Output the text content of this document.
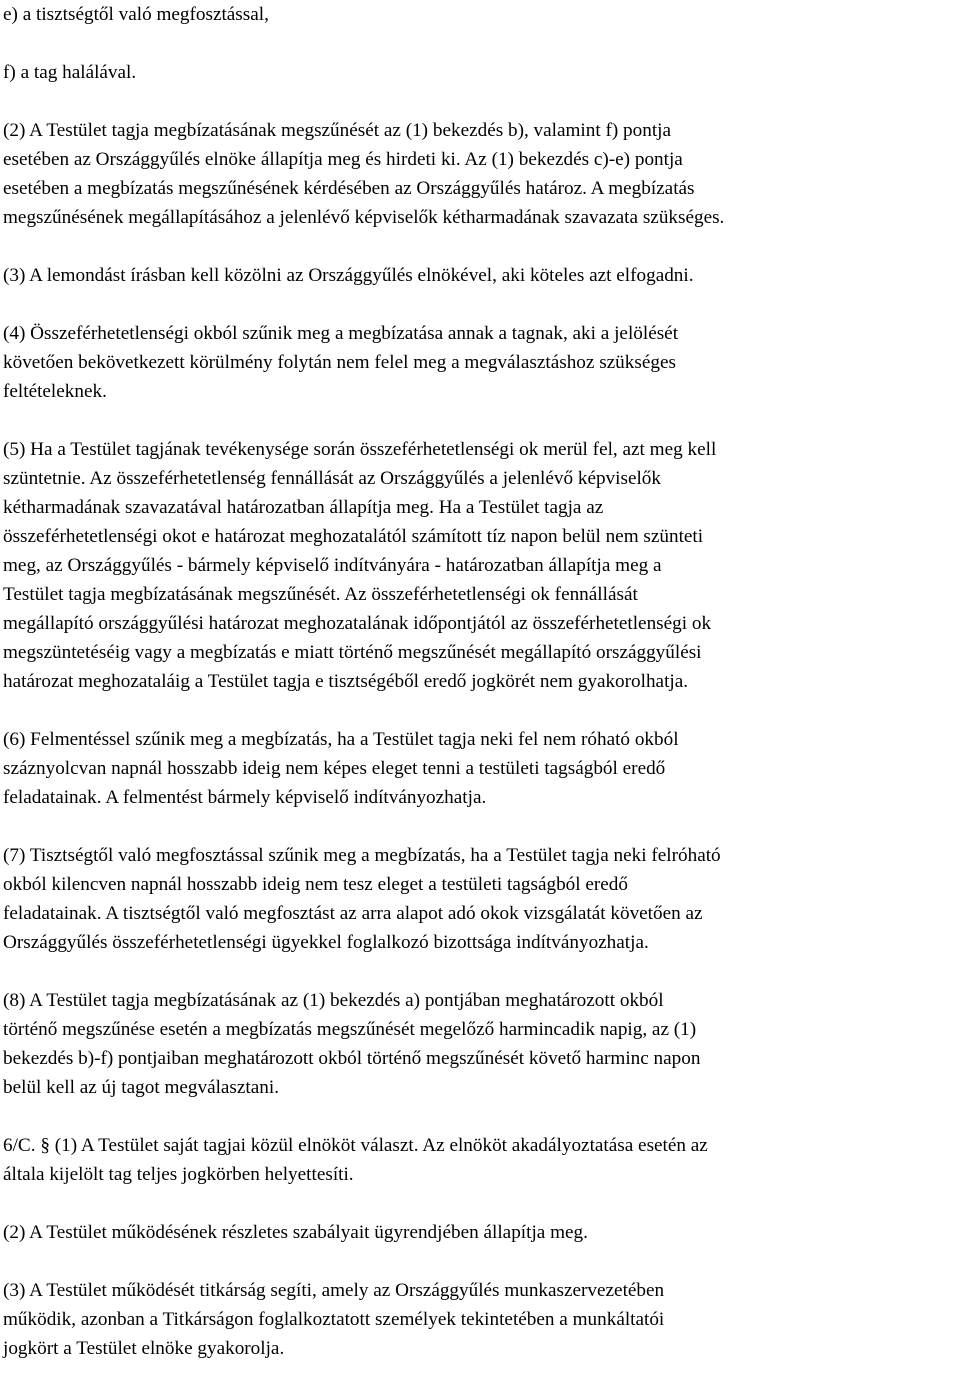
e) a tisztségtől való megfosztással,

f) a tag halálával.

(2) A Testület tagja megbízatásának megszűnését az (1) bekezdés b), valamint f) pontja
esetében az Országgyűlés elnöke állapítja meg és hirdeti ki. Az (1) bekezdés c)-e) pontja
esetében a megbízatás megszűnésének kérdésében az Országgyűlés határoz. A megbízatás
megszűnésének megállapításához a jelenlévő képviselők kétharmadának szavazata szükséges.

(3) A lemondást írásban kell közölni az Országgyűlés elnökével, aki köteles azt elfogadni.

(4) Összeférhetetlenségi okból szűnik meg a megbízatása annak a tagnak, aki a jelölését
követően bekövetkezett körülmény folytán nem felel meg a megválasztáshoz szükséges
feltételeknek.

(5) Ha a Testület tagjának tevékenysége során összeférhetetlenségi ok merül fel, azt meg kell
szüntetnie. Az összeférhetetlenség fennállását az Országgyűlés a jelenlévő képviselők
kétharmadának szavazatával határozatban állapítja meg. Ha a Testület tagja az
összeférhetetlenségi okot e határozat meghozatalától számított tíz napon belül nem szünteti
meg, az Országgyűlés - bármely képviselő indítványára - határozatban állapítja meg a
Testület tagja megbízatásának megszűnését. Az összeférhetetlenségi ok fennállását
megállapító országgyűlési határozat meghozatalának időpontjától az összeférhetetlenségi ok
megszüntetéséig vagy a megbízatás e miatt történő megszűnését megállapító országgyűlési
határozat meghozataláig a Testület tagja e tisztségéből eredő jogkörét nem gyakorolhatja.

(6) Felmentéssel szűnik meg a megbízatás, ha a Testület tagja neki fel nem róható okból
száznyolcvan napnál hosszabb ideig nem képes eleget tenni a testületi tagságból eredő
feladatainak. A felmentést bármely képviselő indítványozhatja.

(7) Tisztségtől való megfosztással szűnik meg a megbízatás, ha a Testület tagja neki felróható
okból kilencven napnál hosszabb ideig nem tesz eleget a testületi tagságból eredő
feladatainak. A tisztségtől való megfosztást az arra alapot adó okok vizsgálatát követően az
Országgyűlés összeférhetetlenségi ügyekkel foglalkozó bizottsága indítványozhatja.

(8) A Testület tagja megbízatásának az (1) bekezdés a) pontjában meghatározott okból
történő megszűnése esetén a megbízatás megszűnését megelőző harmincadik napig, az (1)
bekezdés b)-f) pontjaiban meghatározott okból történő megszűnését követő harminc napon
belül kell az új tagot megválasztani.

6/C. § (1) A Testület saját tagjai közül elnököt választ. Az elnököt akadályoztatása esetén az
általa kijelölt tag teljes jogkörben helyettesíti.

(2) A Testület működésének részletes szabályait ügyrendjében állapítja meg.

(3) A Testület működését titkárság segíti, amely az Országgyűlés munkaszervezetében
működik, azonban a Titkárságon foglalkoztatott személyek tekintetében a munkáltatói
jogkört a Testület elnöke gyakorolja.
